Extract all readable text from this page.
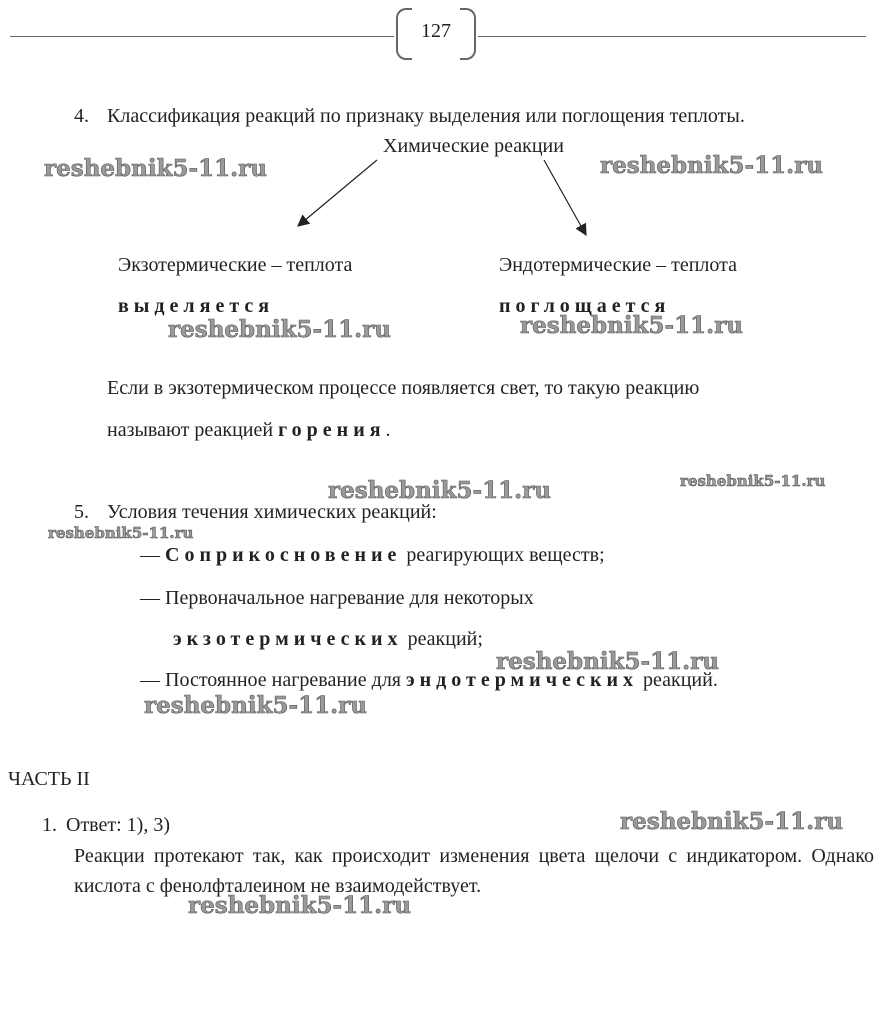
127
4. Классификация реакций по признаку выделения или поглощения теплоты.
Химические реакции
Экзотермические – теплота
выделяется
Эндотермические – теплота
поглощается
Если в экзотермическом процессе появляется свет, то такую реакцию
называют реакцией горения.
5. Условия течения химических реакций:
— Соприкосновение реагирующих веществ;
— Первоначальное нагревание для некоторых
экзотермических реакций;
— Постоянное нагревание для эндотермических реакций.
ЧАСТЬ II
1. Ответ: 1), 3)
Реакции протекают так, как происходит изменения цвета щелочи с индикатором. Однако кислота с фенолфталеином не взаимодействует.
reshebnik5-11.ru	reshebnik5-11.ru
reshebnik5-11.ru	reshebnik5-11.ru
reshebnik5-11.ru	reshebnik5-11.ru
reshebnik5-11.ru
reshebnik5-11.ru
reshebnik5-11.ru
reshebnik5-11.ru
reshebnik5-11.ru
